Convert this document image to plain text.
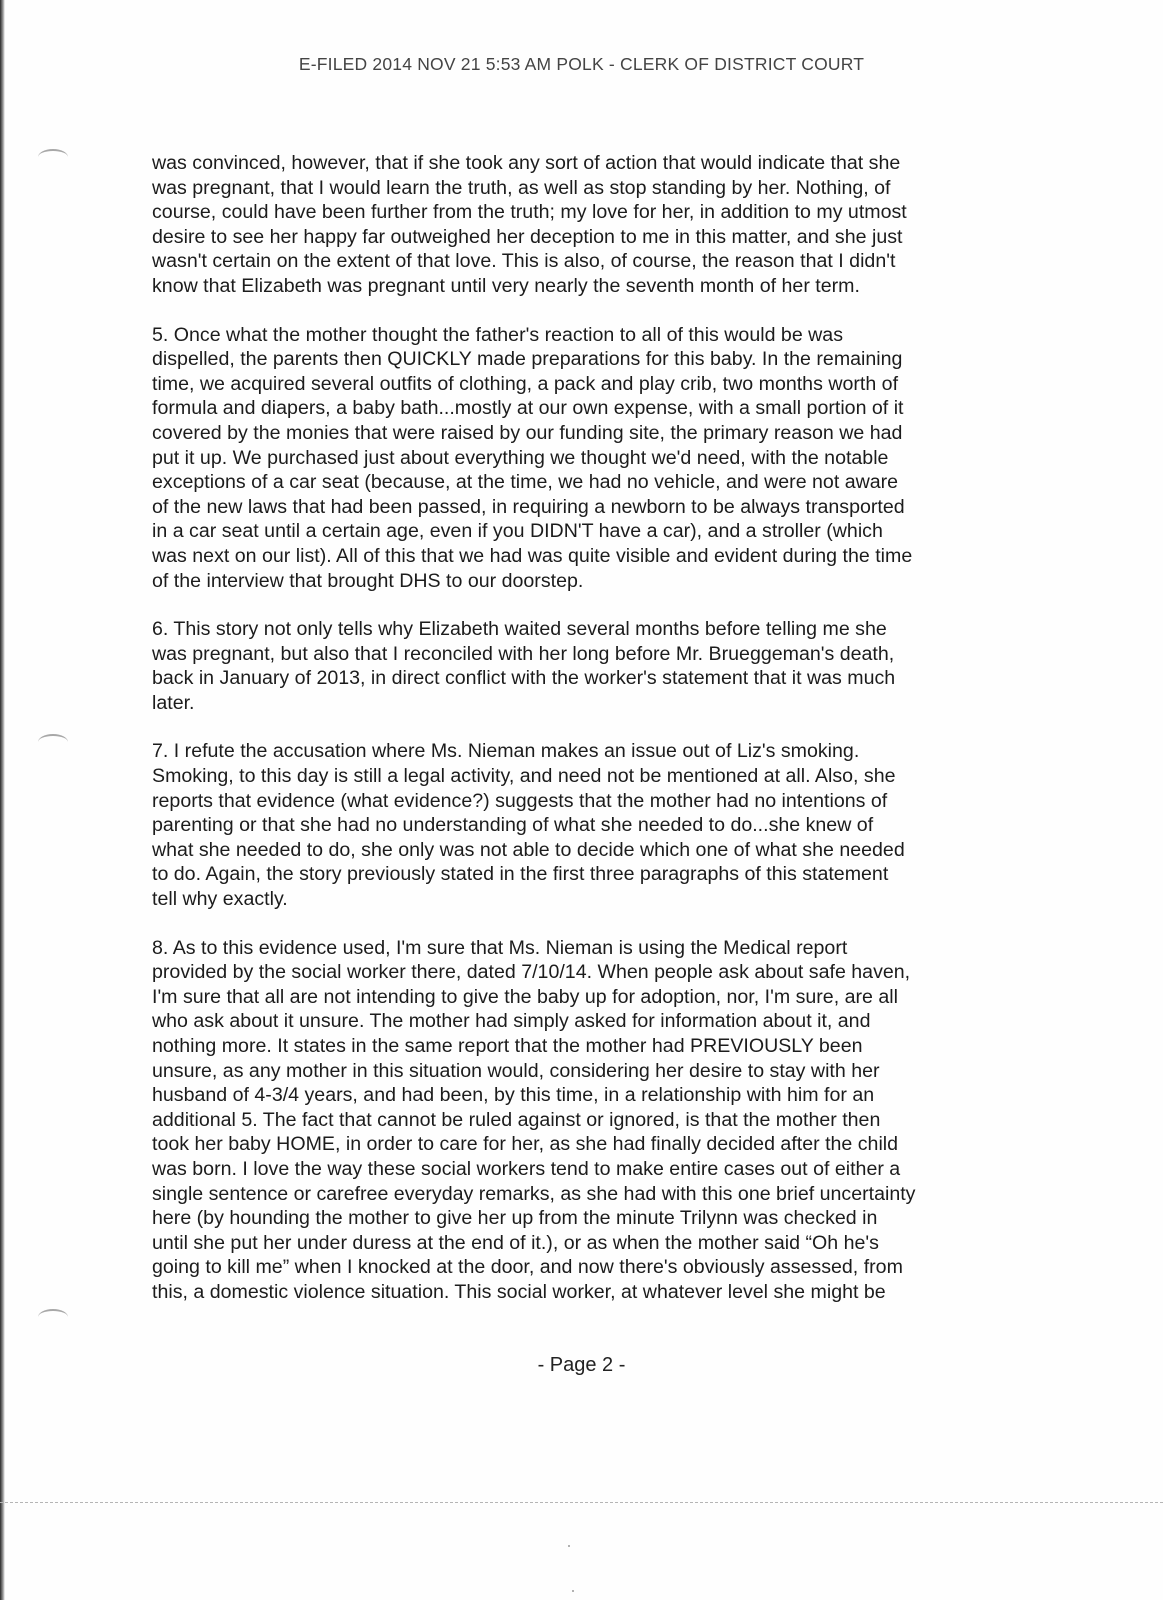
E-FILED 2014 NOV 21 5:53 AM POLK - CLERK OF DISTRICT COURT

was convinced, however, that if she took any sort of action that would indicate that she
was pregnant, that I would learn the truth, as well as stop standing by her. Nothing, of
course, could have been further from the truth; my love for her, in addition to my utmost
desire to see her happy far outweighed her deception to me in this matter, and she just
wasn't certain on the extent of that love. This is also, of course, the reason that I didn't
know that Elizabeth was pregnant until very nearly the seventh month of her term.

5. Once what the mother thought the father's reaction to all of this would be was
dispelled, the parents then QUICKLY made preparations for this baby. In the remaining
time, we acquired several outfits of clothing, a pack and play crib, two months worth of
formula and diapers, a baby bath...mostly at our own expense, with a small portion of it
covered by the monies that were raised by our funding site, the primary reason we had
put it up. We purchased just about everything we thought we'd need, with the notable
exceptions of a car seat (because, at the time, we had no vehicle, and were not aware
of the new laws that had been passed, in requiring a newborn to be always transported
in a car seat until a certain age, even if you DIDN'T have a car), and a stroller (which
was next on our list). All of this that we had was quite visible and evident during the time
of the interview that brought DHS to our doorstep.

6. This story not only tells why Elizabeth waited several months before telling me she
was pregnant, but also that I reconciled with her long before Mr. Brueggeman's death,
back in January of 2013, in direct conflict with the worker's statement that it was much
later.

7. I refute the accusation where Ms. Nieman makes an issue out of Liz's smoking.
Smoking, to this day is still a legal activity, and need not be mentioned at all. Also, she
reports that evidence (what evidence?) suggests that the mother had no intentions of
parenting or that she had no understanding of what she needed to do...she knew of
what she needed to do, she only was not able to decide which one of what she needed
to do. Again, the story previously stated in the first three paragraphs of this statement
tell why exactly.

8. As to this evidence used, I'm sure that Ms. Nieman is using the Medical report
provided by the social worker there, dated 7/10/14. When people ask about safe haven,
I'm sure that all are not intending to give the baby up for adoption, nor, I'm sure, are all
who ask about it unsure. The mother had simply asked for information about it, and
nothing more. It states in the same report that the mother had PREVIOUSLY been
unsure, as any mother in this situation would, considering her desire to stay with her
husband of 4-3/4 years, and had been, by this time, in a relationship with him for an
additional 5. The fact that cannot be ruled against or ignored, is that the mother then
took her baby HOME, in order to care for her, as she had finally decided after the child
was born. I love the way these social workers tend to make entire cases out of either a
single sentence or carefree everyday remarks, as she had with this one brief uncertainty
here (by hounding the mother to give her up from the minute Trilynn was checked in
until she put her under duress at the end of it.), or as when the mother said “Oh he's
going to kill me” when I knocked at the door, and now there's obviously assessed, from
this, a domestic violence situation. This social worker, at whatever level she might be

- Page 2 -
